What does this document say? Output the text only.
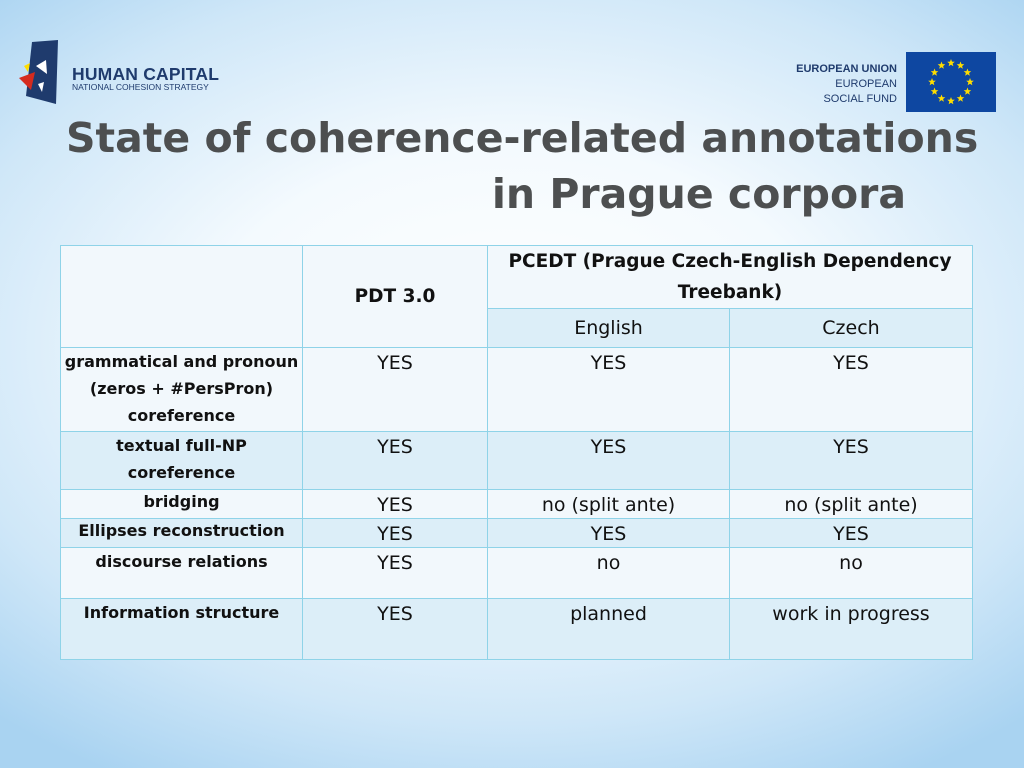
HUMAN CAPITAL
NATIONAL COHESION STRATEGY
EUROPEAN UNION
EUROPEAN
SOCIAL FUND
State of coherence-related annotations
in Prague corpora
	PDT 3.0	PCEDT (Prague Czech-English Dependency Treebank)	
		English	Czech
grammatical and pronoun (zeros + #PersPron) coreference	YES	YES	YES
textual full-NP coreference	YES	YES	YES
bridging	YES	no (split ante)	no (split ante)
Ellipses reconstruction	YES	YES	YES
discourse relations	YES	no	no
Information structure	YES	planned	work in progress
